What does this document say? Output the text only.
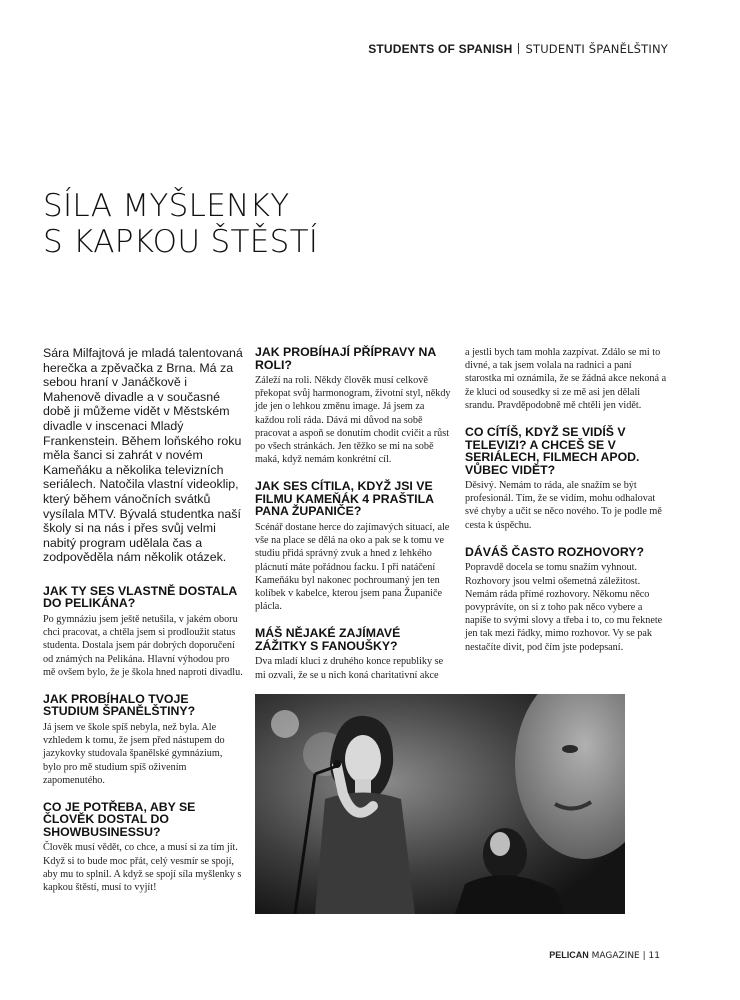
STUDENTS OF SPANISH STUDENTI ŠPANĚLŠTINY
SÍLA MYŠLENKY
S KAPKOU ŠTĚSTÍ

Sára Milfajtová je mladá talentovaná herečka a zpěvačka z Brna. Má za sebou hraní v Janáčkově i Mahenově divadle a v současné době ji můžeme vidět v Městském divadle v inscenaci Mladý Frankenstein. Během loňského roku měla šanci si zahrát v novém Kameňáku a několika televizních seriálech. Natočila vlastní videoklip, který během vánočních svátků vysílala MTV. Bývalá studentka naší školy si na nás i přes svůj velmi nabitý program udělala čas a zodpověděla nám několik otázek.

JAK TY SES VLASTNĚ DOSTALA DO PELIKÁNA?

Po gymnáziu jsem ještě netušila, v jakém oboru chci pracovat, a chtěla jsem si prodloužit status studenta. Dostala jsem pár dobrých doporučení od známých na Pelikána. Hlavní výhodou pro mě ovšem bylo, že je škola hned naproti divadlu.

JAK PROBÍHALO TVOJE STUDIUM ŠPANĚLŠTINY?

Já jsem ve škole spíš nebyla, než byla. Ale vzhledem k tomu, že jsem před nástupem do jazykovky studovala španělské gymnázium, bylo pro mě studium spíš oživením zapomenutého.

CO JE POTŘEBA, ABY SE ČLOVĚK DOSTAL DO SHOWBUSINESSU?

Člověk musí vědět, co chce, a musí si za tím jít. Když si to bude moc přát, celý vesmír se spojí, aby mu to splnil. A když se spojí síla myšlenky s kapkou štěstí, musí to vyjít!

JAK PROBÍHAJÍ PŘÍPRAVY NA ROLI?

Záleží na roli. Někdy člověk musí celkově překopat svůj harmonogram, životní styl, někdy jde jen o lehkou změnu image. Já jsem za každou roli ráda. Dává mi důvod na sobě pracovat a aspoň se donutím chodit cvičit a růst po všech stránkách. Jen těžko se mi na sobě maká, když nemám konkrétní cíl.

JAK SES CÍTILA, KDYŽ JSI VE FILMU KAMEŇÁK 4 PRAŠTILA PANA ŽUPANIČE?

Scénář dostane herce do zajímavých situací, ale vše na place se dělá na oko a pak se k tomu ve studiu přidá správný zvuk a hned z lehkého plácnutí máte pořádnou facku. I při natáčení Kameňáku byl nakonec pochroumaný jen ten kolíbek v kabelce, kterou jsem pana Županiče plácla.

MÁŠ NĚJAKÉ ZAJÍMAVÉ ZÁŽITKY S FANOUŠKY?

Dva mladí kluci z druhého konce republiky se mi ozvali, že se u nich koná charitativní akce

a jestli bych tam mohla zazpívat. Zdálo se mi to divné, a tak jsem volala na radnici a paní starostka mi oznámila, že se žádná akce nekoná a že kluci od sousedky si ze mě asi jen dělali srandu. Pravděpodobně mě chtěli jen vidět.

CO CÍTÍŠ, KDYŽ SE VIDÍŠ V TELEVIZI? A CHCEŠ SE V SERIÁLECH, FILMECH APOD. VŮBEC VIDĚT?

Děsivý. Nemám to ráda, ale snažím se být profesionál. Tím, že se vidím, mohu odhalovat své chyby a učit se něco nového. To je podle mě cesta k úspěchu.

DÁVÁŠ ČASTO ROZHOVORY?

Popravdě docela se tomu snažím vyhnout. Rozhovory jsou velmi ošemetná záležitost. Nemám ráda přímé rozhovory. Někomu něco povyprávíte, on si z toho pak něco vybere a napíše to svými slovy a třeba i to, co mu řeknete jen tak mezi řádky, mimo rozhovor. Vy se pak nestačíte divit, pod čím jste podepsaní.

PELICAN MAGAZINE | 11
